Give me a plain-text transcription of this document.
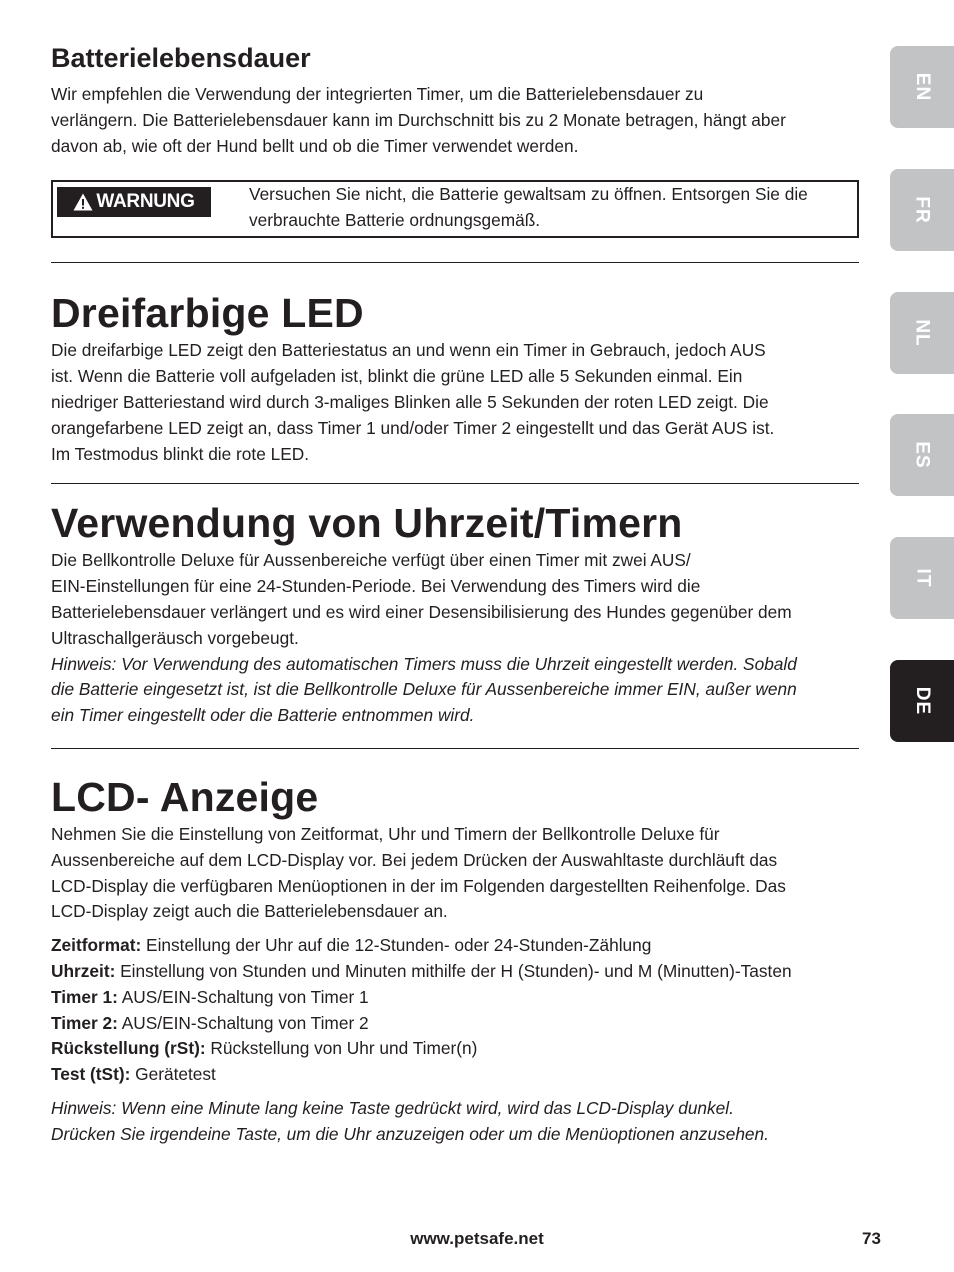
Batterielebensdauer

Wir empfehlen die Verwendung der integrierten Timer, um die Batterielebensdauer zu

verlängern. Die Batterielebensdauer kann im Durchschnitt bis zu 2 Monate betragen, hängt aber

davon ab, wie oft der Hund bellt und ob die Timer verwendet werden.

WARNUNG	Versuchen Sie nicht, die Batterie gewaltsam zu öffnen. Entsorgen Sie die
verbrauchte Batterie ordnungsgemäß.
Dreifarbige LED

Die dreifarbige LED zeigt den Batteriestatus an und wenn ein Timer in Gebrauch, jedoch AUS

ist. Wenn die Batterie voll aufgeladen ist, blinkt die grüne LED alle 5 Sekunden einmal. Ein

niedriger Batteriestand wird durch 3-maliges Blinken alle 5 Sekunden der roten LED zeigt. Die

orangefarbene LED zeigt an, dass Timer 1 und/oder Timer 2 eingestellt und das Gerät AUS ist.

Im Testmodus blinkt die rote LED.

Verwendung von Uhrzeit/Timern

Die Bellkontrolle Deluxe für Aussenbereiche verfügt über einen Timer mit zwei AUS/

EIN-Einstellungen für eine 24-Stunden-Periode. Bei Verwendung des Timers wird die

Batterielebensdauer verlängert und es wird einer Desensibilisierung des Hundes gegenüber dem

Ultraschallgeräusch vorgebeugt.

Hinweis: Vor Verwendung des automatischen Timers muss die Uhrzeit eingestellt werden. Sobald

die Batterie eingesetzt ist, ist die Bellkontrolle Deluxe für Aussenbereiche immer EIN, außer wenn

ein Timer eingestellt oder die Batterie entnommen wird.

LCD- Anzeige

Nehmen Sie die Einstellung von Zeitformat, Uhr und Timern der Bellkontrolle Deluxe für

Aussenbereiche auf dem LCD-Display vor. Bei jedem Drücken der Auswahltaste durchläuft das

LCD-Display die verfügbaren Menüoptionen in der im Folgenden dargestellten Reihenfolge. Das

LCD-Display zeigt auch die Batterielebensdauer an.

Zeitformat: Einstellung der Uhr auf die 12-Stunden- oder 24-Stunden-Zählung

Uhrzeit: Einstellung von Stunden und Minuten mithilfe der H (Stunden)- und M (Minutten)-Tasten

Timer 1: AUS/EIN-Schaltung von Timer 1

Timer 2: AUS/EIN-Schaltung von Timer 2

Rückstellung (rSt): Rückstellung von Uhr und Timer(n)

Test (tSt): Gerätetest

Hinweis: Wenn eine Minute lang keine Taste gedrückt wird, wird das LCD-Display dunkel.

Drücken Sie irgendeine Taste, um die Uhr anzuzeigen oder um die Menüoptionen anzusehen.

EN
FR
NL
ES
IT
DE
www.petsafe.net	73
